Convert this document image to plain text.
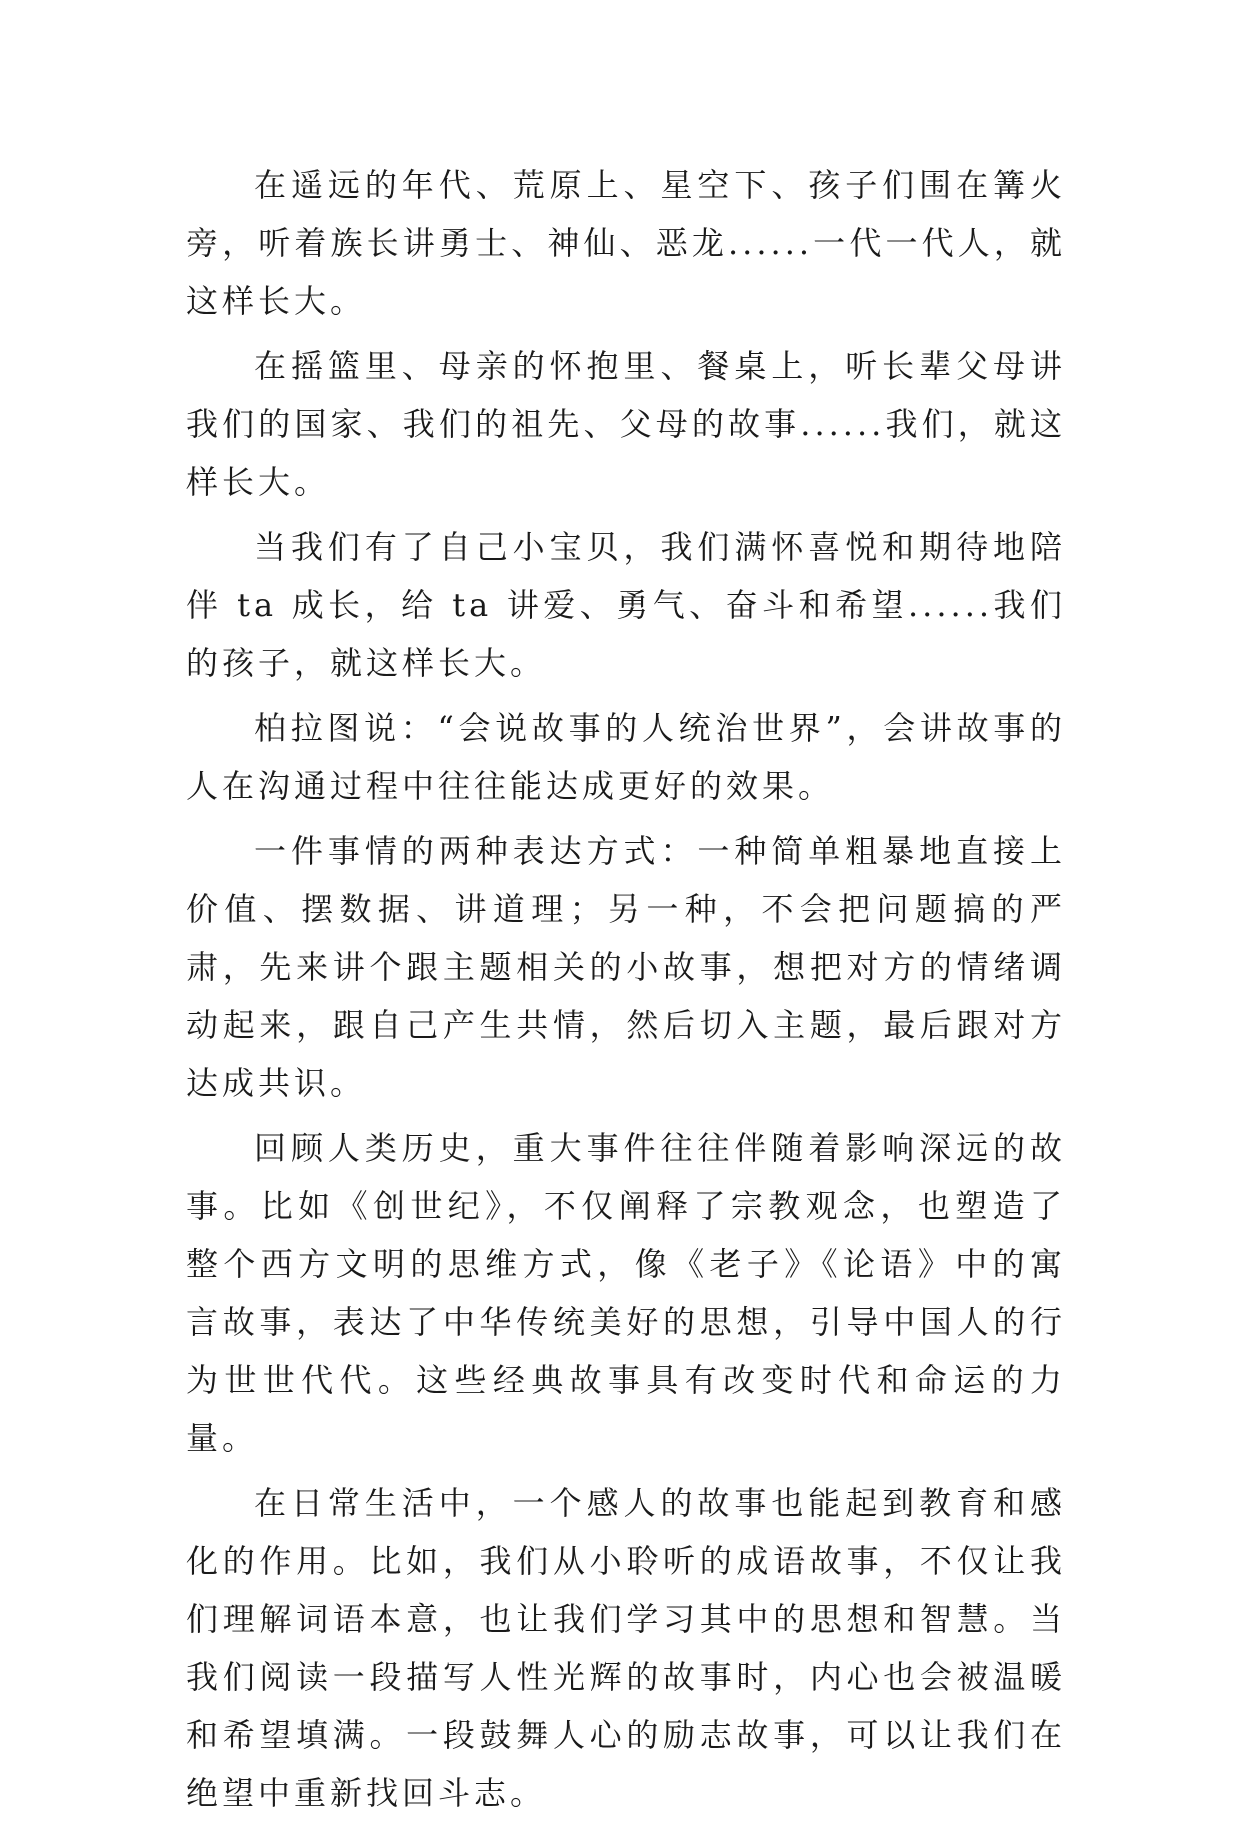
在遥远的年代、荒原上、星空下、孩子们围在篝火旁，听着族长讲勇士、神仙、恶龙......一代一代人，就这样长大。

在摇篮里、母亲的怀抱里、餐桌上，听长辈父母讲我们的国家、我们的祖先、父母的故事......我们，就这样长大。

当我们有了自己小宝贝，我们满怀喜悦和期待地陪伴 ta 成长，给 ta 讲爱、勇气、奋斗和希望......我们的孩子，就这样长大。

柏拉图说：“会说故事的人统治世界”，会讲故事的人在沟通过程中往往能达成更好的效果。

一件事情的两种表达方式：一种简单粗暴地直接上价值、摆数据、讲道理；另一种，不会把问题搞的严肃，先来讲个跟主题相关的小故事，想把对方的情绪调动起来，跟自己产生共情，然后切入主题，最后跟对方达成共识。

回顾人类历史，重大事件往往伴随着影响深远的故事。比如《创世纪》，不仅阐释了宗教观念，也塑造了整个西方文明的思维方式，像《老子》《论语》中的寓言故事，表达了中华传统美好的思想，引导中国人的行为世世代代。这些经典故事具有改变时代和命运的力量。

在日常生活中，一个感人的故事也能起到教育和感化的作用。比如，我们从小聆听的成语故事，不仅让我们理解词语本意，也让我们学习其中的思想和智慧。当我们阅读一段描写人性光辉的故事时，内心也会被温暖和希望填满。一段鼓舞人心的励志故事，可以让我们在绝望中重新找回斗志。
